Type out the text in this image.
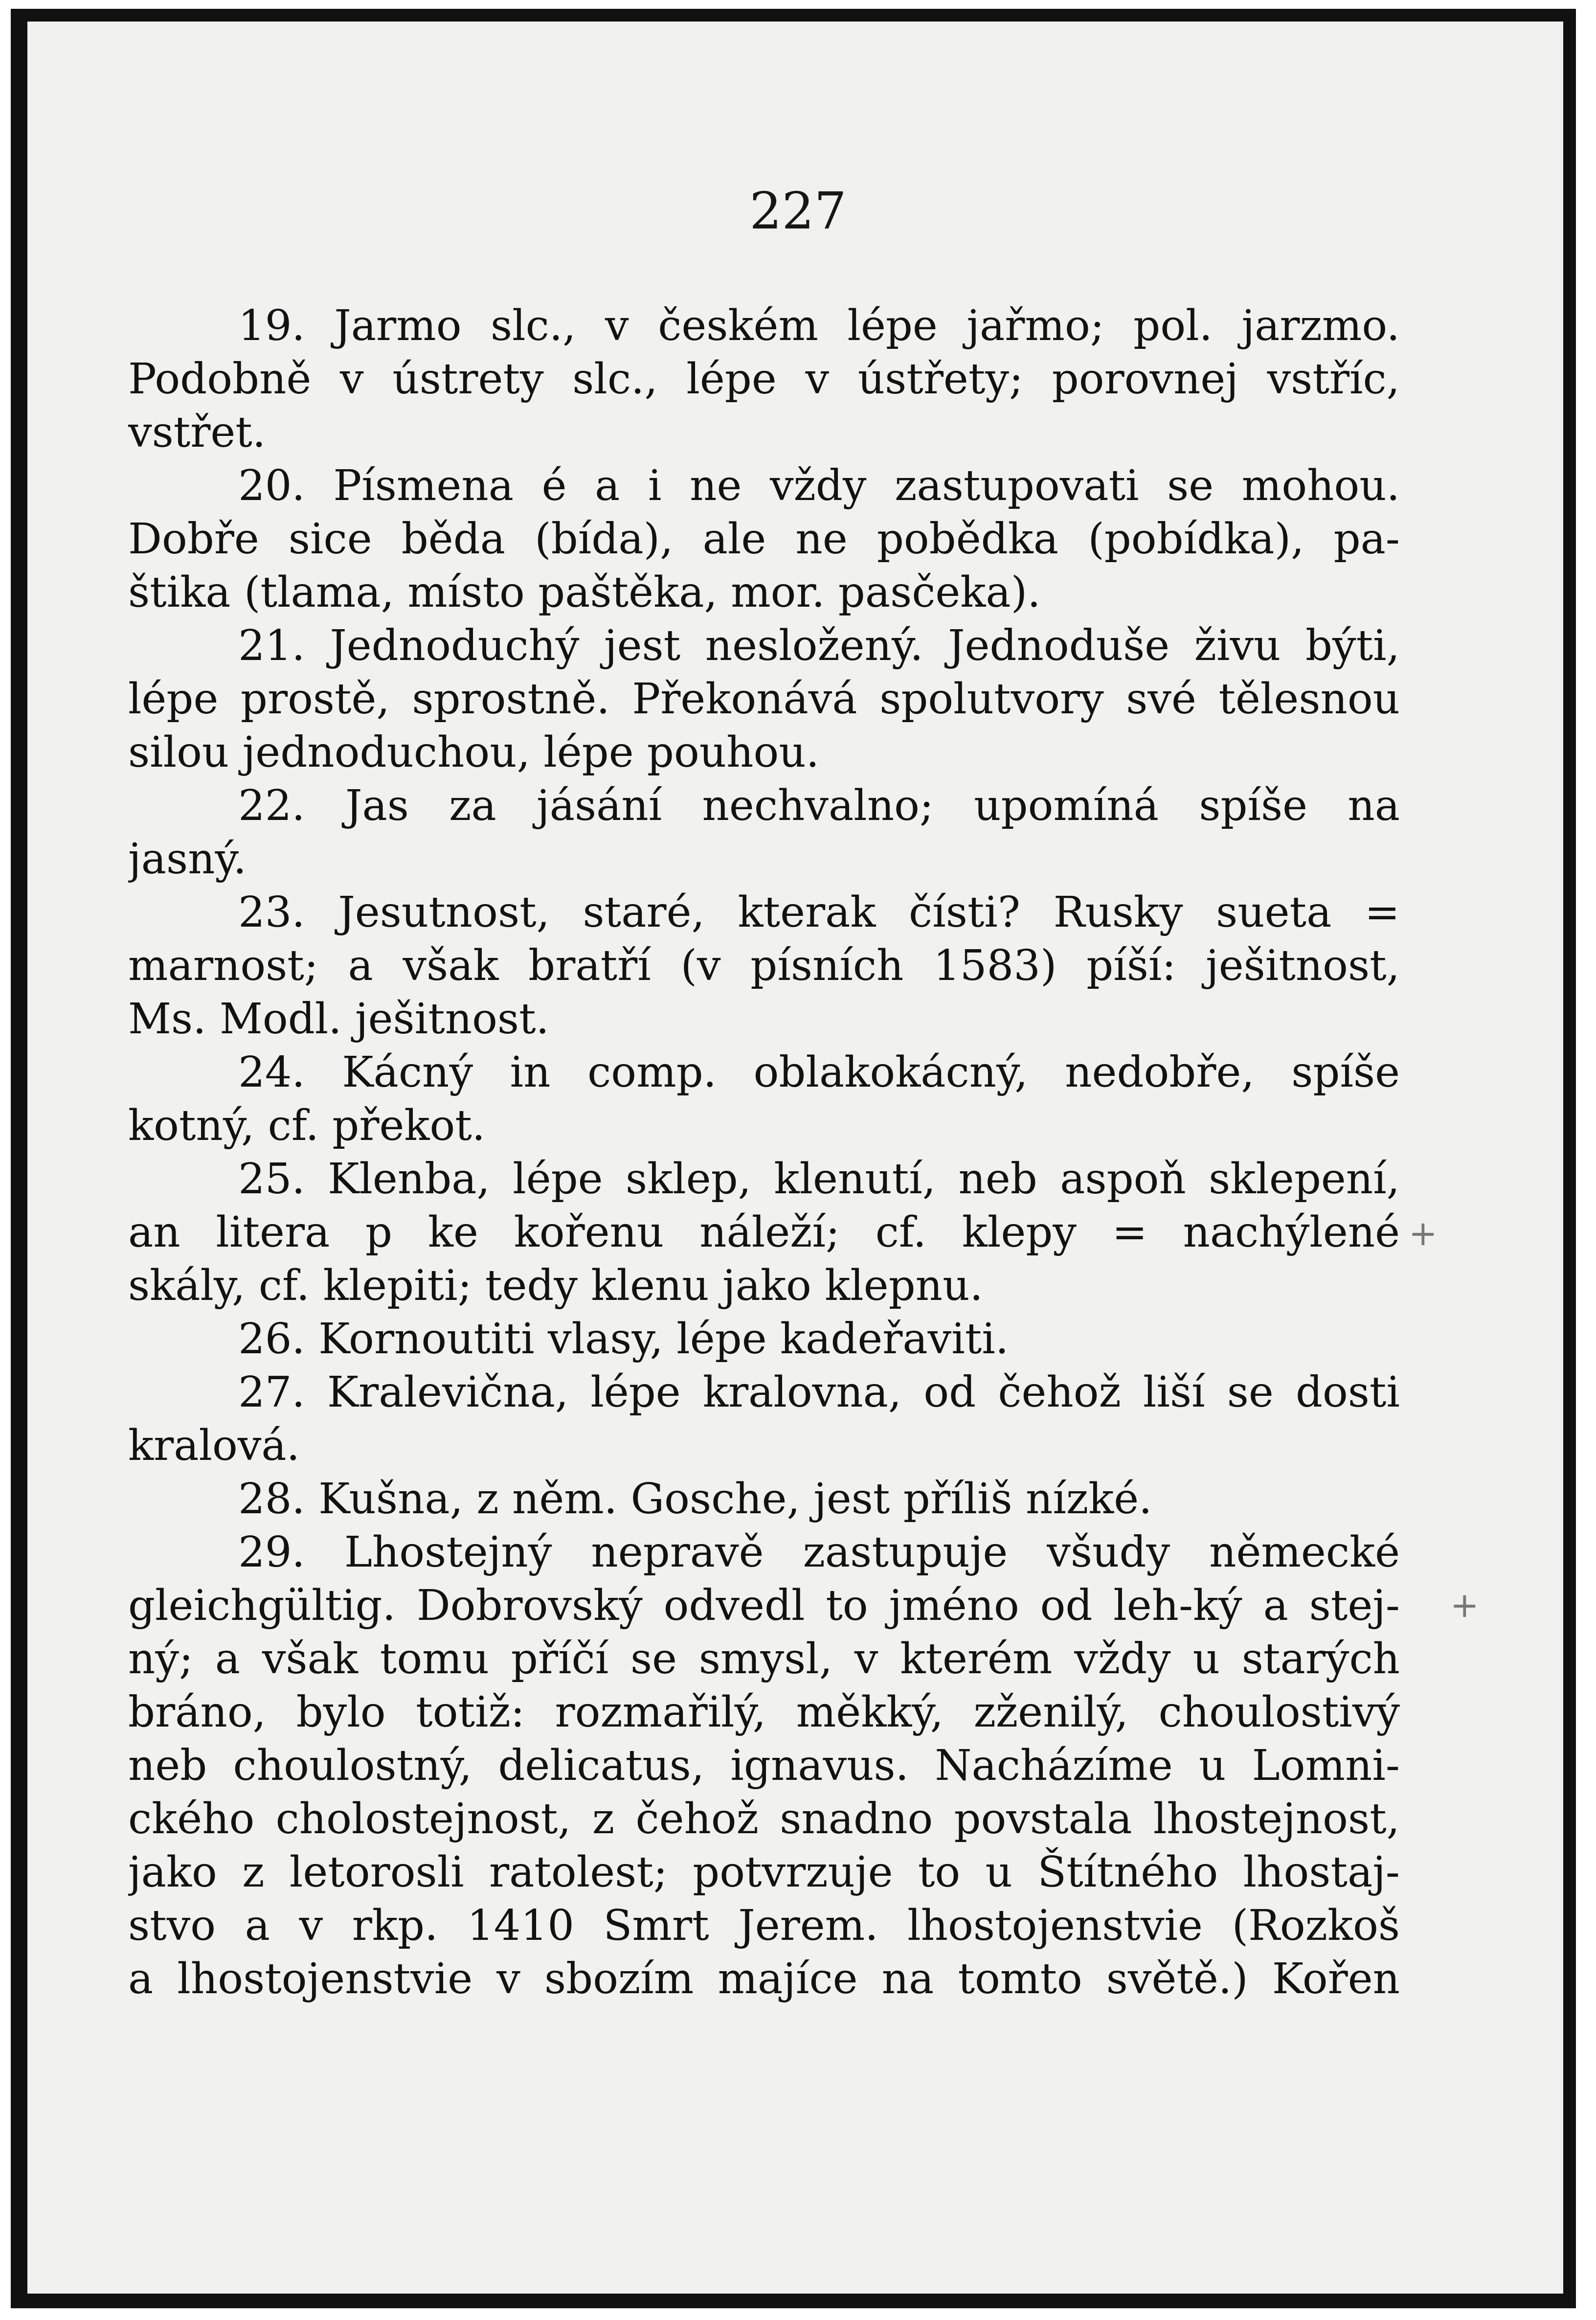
227
19. Jarmo slc., v českém lépe jařmo; pol. jarzmo.
Podobně v ústrety slc., lépe v ústřety; porovnej vstříc,
vstřet.
20. Písmena é a i ne vždy zastupovati se mohou.
Dobře sice běda (bída), ale ne pobědka (pobídka), pa-
štika (tlama, místo paštěka, mor. pasčeka).
21. Jednoduchý jest nesložený. Jednoduše živu býti,
lépe prostě, sprostně. Překonává spolutvory své tělesnou
silou jednoduchou, lépe pouhou.
22. Jas za jásání nechvalno; upomíná spíše na
jasný.
23. Jesutnost, staré, kterak čísti? Rusky sueta =
marnost; a však bratří (v písních 1583) píší: ješitnost,
Ms. Modl. ješitnost.
24. Kácný in comp. oblakokácný, nedobře, spíše
kotný, cf. překot.
25. Klenba, lépe sklep, klenutí, neb aspoň sklepení,
an litera p ke kořenu náleží; cf. klepy = nachýlené
skály, cf. klepiti; tedy klenu jako klepnu.
26. Kornoutiti vlasy, lépe kadeřaviti.
27. Kralevična, lépe kralovna, od čehož liší se dosti
kralová.
28. Kušna, z něm. Gosche, jest příliš nízké.
29. Lhostejný nepravě zastupuje všudy německé
gleichgültig. Dobrovský odvedl to jméno od leh-ký a stej-
ný; a však tomu příčí se smysl, v kterém vždy u starých
bráno, bylo totiž: rozmařilý, měkký, zženilý, choulostivý
neb choulostný, delicatus, ignavus. Nacházíme u Lomni-
ckého cholostejnost, z čehož snadno povstala lhostejnost,
jako z letorosli ratolest; potvrzuje to u Štítného lhostaj-
stvo a v rkp. 1410 Smrt Jerem. lhostojenstvie (Rozkoš
a lhostojenstvie v sbozím majíce na tomto světě.) Kořen
+
+
